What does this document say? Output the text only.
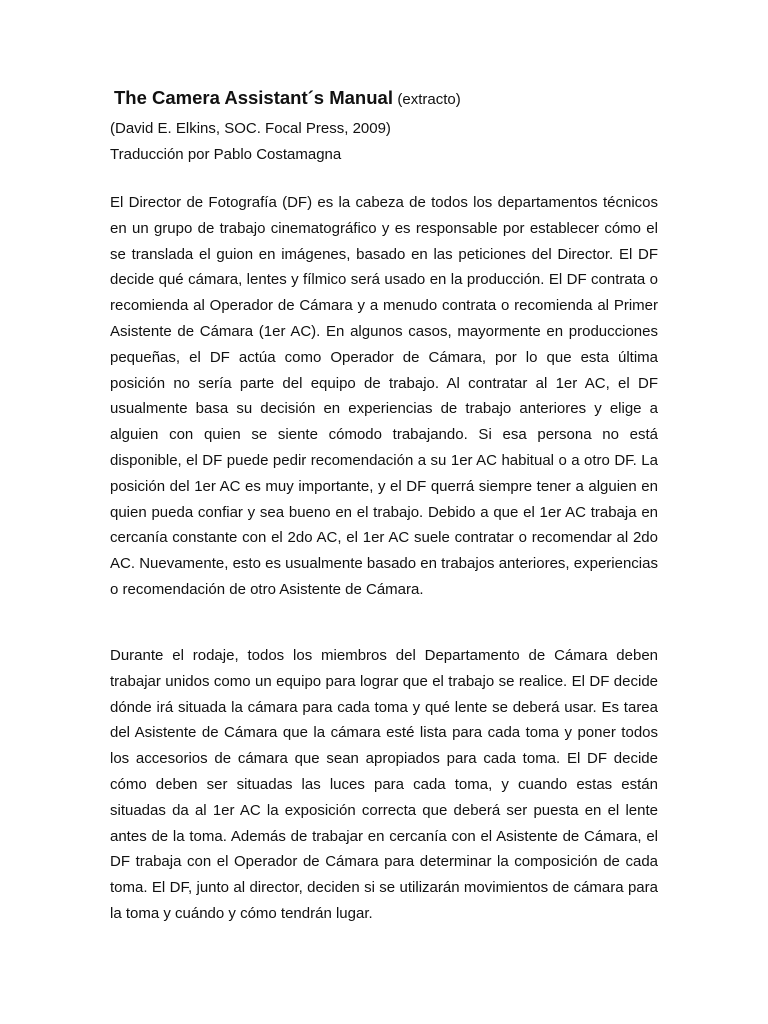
The Camera Assistant´s Manual (extracto)
(David E. Elkins, SOC. Focal Press, 2009)
Traducción por Pablo Costamagna

El Director de Fotografía (DF) es la cabeza de todos los departamentos técnicos en un grupo de trabajo cinematográfico y es responsable por establecer cómo el se translada el guion en imágenes, basado en las peticiones del Director. El DF decide qué cámara, lentes y fílmico será usado en la producción. El DF contrata o recomienda al Operador de Cámara y a menudo contrata o recomienda al Primer Asistente de Cámara (1er AC). En algunos casos, mayormente en producciones pequeñas, el DF actúa como Operador de Cámara, por lo que esta última posición no sería parte del equipo de trabajo. Al contratar al 1er AC, el DF usualmente basa su decisión en experiencias de trabajo anteriores y elige a alguien con quien se siente cómodo trabajando. Si esa persona no está disponible, el DF puede pedir recomendación a su 1er AC habitual o a otro DF. La posición del 1er AC es muy importante, y el DF querrá siempre tener a alguien en quien pueda confiar y sea bueno en el trabajo. Debido a que el 1er AC trabaja en cercanía constante con el 2do AC, el 1er AC suele contratar o recomendar al 2do AC. Nuevamente, esto es usualmente basado en trabajos anteriores, experiencias o recomendación de otro Asistente de Cámara.

Durante el rodaje, todos los miembros del Departamento de Cámara deben trabajar unidos como un equipo para lograr que el trabajo se realice. El DF decide dónde irá situada la cámara para cada toma y qué lente se deberá usar. Es tarea del Asistente de Cámara que la cámara esté lista para cada toma y poner todos los accesorios de cámara que sean apropiados para cada toma. El DF decide cómo deben ser situadas las luces para cada toma, y cuando estas están situadas da al 1er AC la exposición correcta que deberá ser puesta en el lente antes de la toma. Además de trabajar en cercanía con el Asistente de Cámara, el DF trabaja con el Operador de Cámara para determinar la composición de cada toma. El DF, junto al director, deciden si se utilizarán movimientos de cámara para la toma y cuándo y cómo tendrán lugar.
